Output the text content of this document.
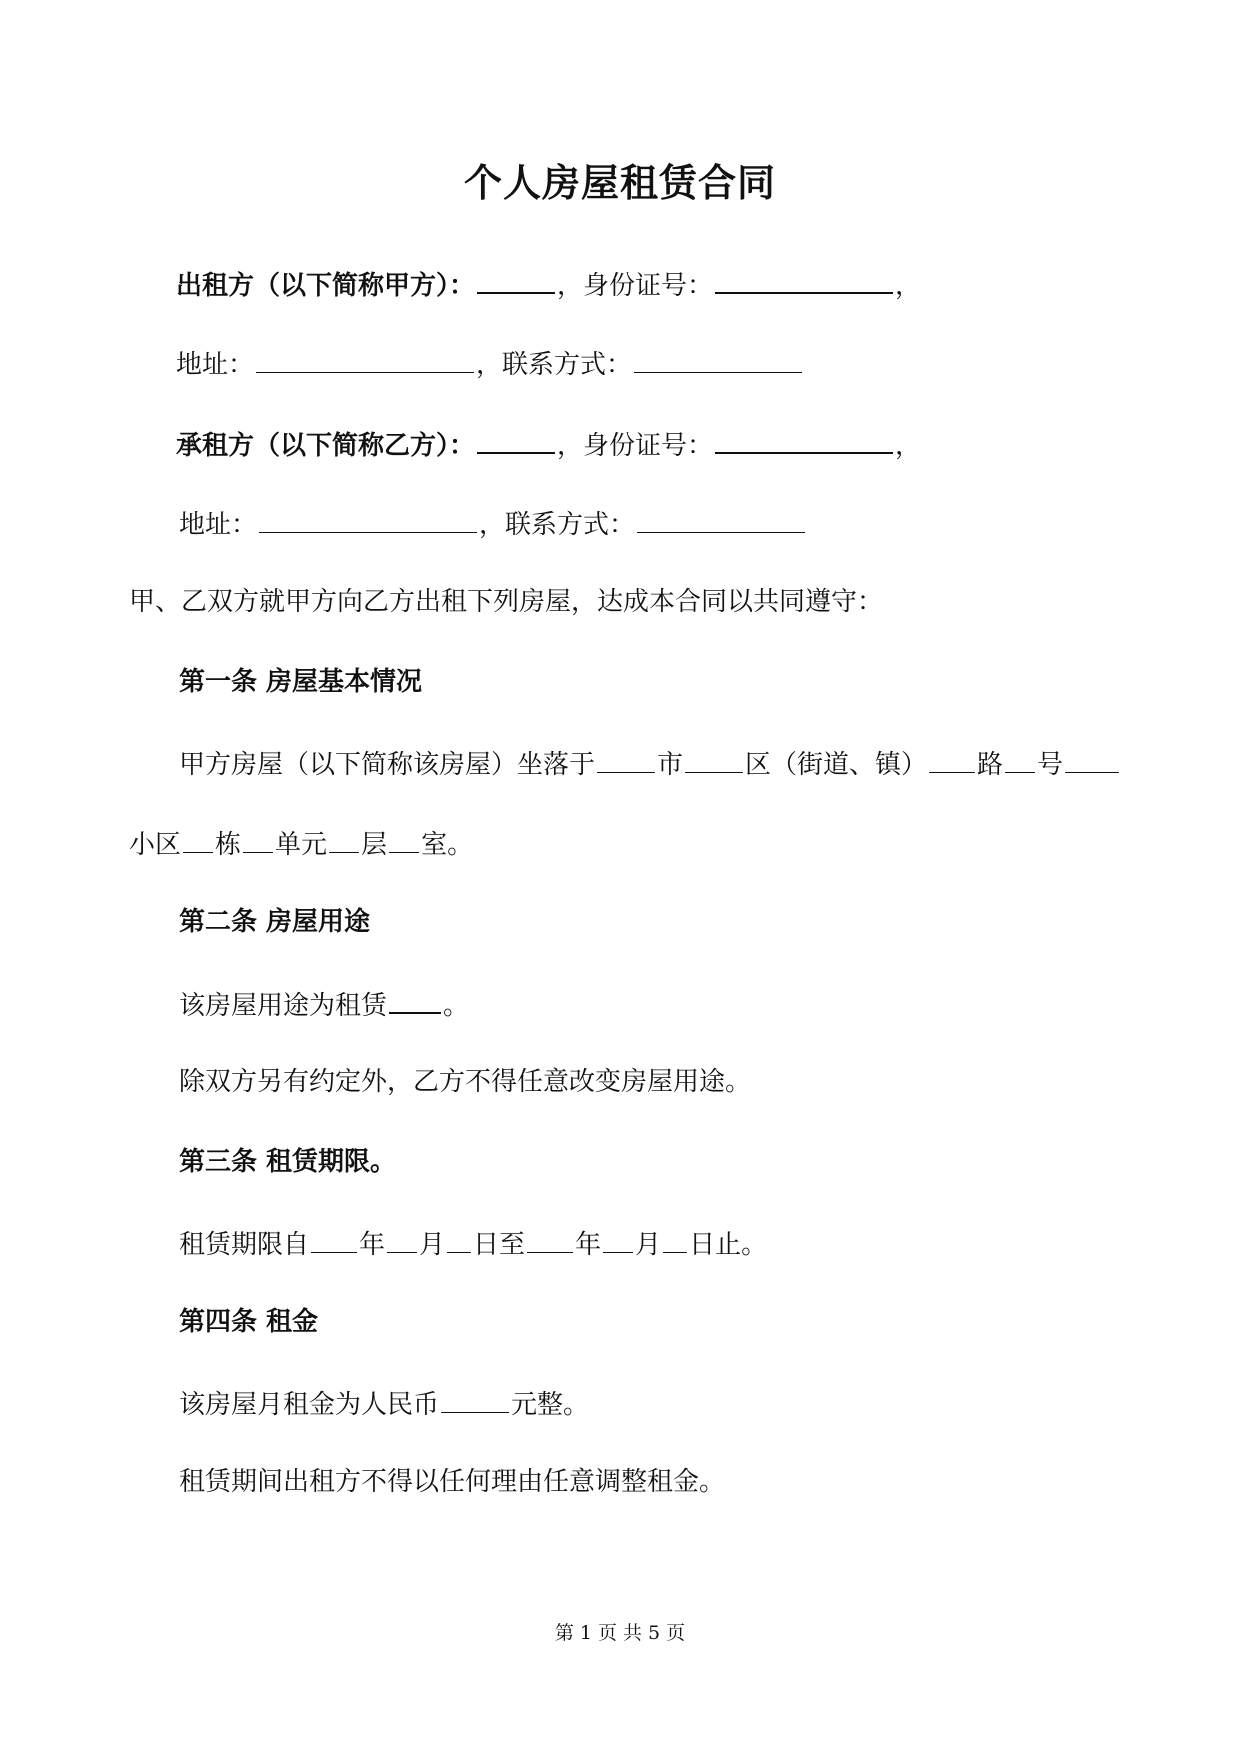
个人房屋租赁合同
出租方（以下简称甲方）：	，身份证号：	，
地址：	，联系方式：
承租方（以下简称乙方）：	，身份证号：	，
地址：	，联系方式：
甲、乙双方就甲方向乙方出租下列房屋，达成本合同以共同遵守：
第一条 房屋基本情况
甲方房屋（以下简称该房屋）坐落于 市 区（街道、镇） 路 号
小区 栋 单元 层 室。
第二条 房屋用途
该房屋用途为租赁 。
除双方另有约定外，乙方不得任意改变房屋用途。
第三条 租赁期限。
租赁期限自 年 月 日至 年 月 日止。
第四条 租金
该房屋月租金为人民币	元整。
租赁期间出租方不得以任何理由任意调整租金。
第 1 页 共 5 页
